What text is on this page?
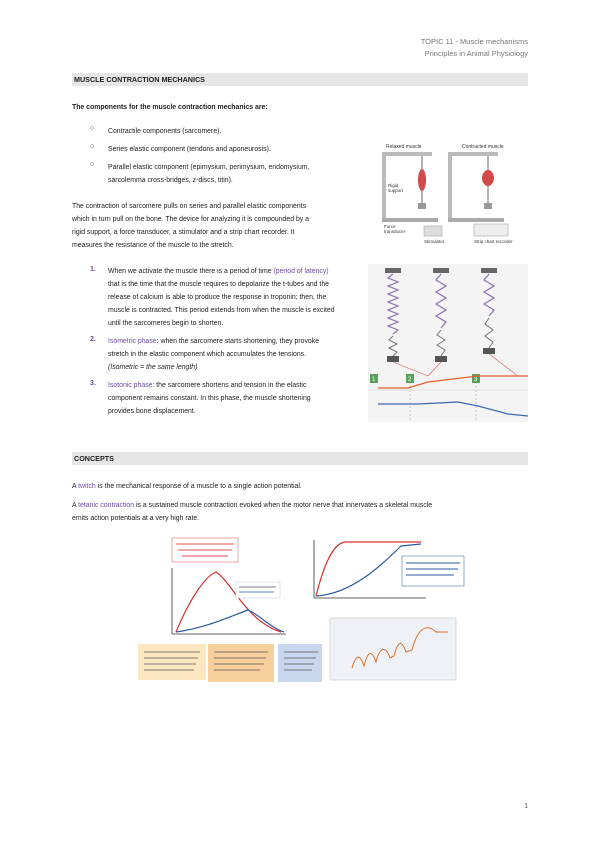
TOPIC 11 - Muscle mechanisms
Principles in Animal Physiology
MUSCLE CONTRACTION MECHANICS
The components for the muscle contraction mechanics are:
○ Contractile components (sarcomere).
○ Series elastic component (tendons and aponeurosis).
○ Parallel elastic component (epimysium, perimysium, endomysium,
sarcolemma cross-bridges, z-discs, titin).
The contraction of sarcomere pulls on series and parallel elastic components
which in turn pull on the bone. The device for analyzing it is compounded by a
rigid support, a force transducer, a stimulator and a strip chart recorder. It
measures the resistance of the muscle to the stretch.
1. When we activate the muscle there is a period of time (period of latency)
that is the time that the muscle requires to depolarize the t-tubes and the
release of calcium is able to produce the response in troponin; then, the
muscle is contracted. This period extends from when the muscle is excited
until the sarcomeres begin to shorten.
2. Isometric phase: when the sarcomere starts shortening, they provoke
stretch in the elastic component which accumulates the tensions.
(Isometric = the same length)
3. Isotonic phase: the sarcomere shortens and tension in the elastic
component remains constant. In this phase, the muscle shortening
provides bone displacement.
Relaxed muscle	Contracted muscle
Rigid
support
Force
transducer
Stimulator	Strip chart recorder
1	2	3
CONCEPTS
A twitch is the mechanical response of a muscle to a single action potential.
A tetanic contraction is a sustained muscle contraction evoked when the motor nerve that innervates a skeletal muscle
emits action potentials at a very high rate.
1
